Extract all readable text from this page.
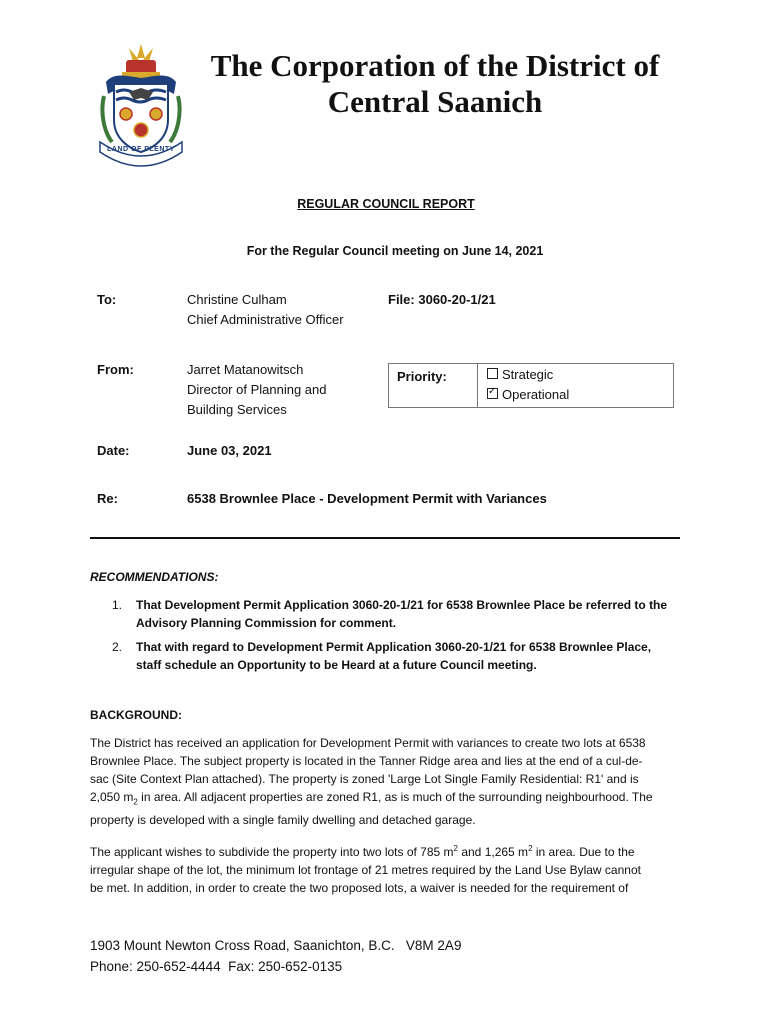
LAND OF PLENTY
The Corporation of the District of
Central Saanich
REGULAR COUNCIL REPORT
For the Regular Council meeting on June 14, 2021
To:	Christine Culham
Chief Administrative Officer
File: 3060-20-1/21
From:	Jarret Matanowitsch
Director of Planning and
Building Services
Priority:	Strategic
✓Operational
Date:	June 03, 2021
Re:	6538 Brownlee Place - Development Permit with Variances
RECOMMENDATIONS:
1. That Development Permit Application 3060-20-1/21 for 6538 Brownlee Place be referred to the
Advisory Planning Commission for comment.
2. That with regard to Development Permit Application 3060-20-1/21 for 6538 Brownlee Place,
staff schedule an Opportunity to be Heard at a future Council meeting.
BACKGROUND:
The District has received an application for Development Permit with variances to create two lots at 6538
Brownlee Place. The subject property is located in the Tanner Ridge area and lies at the end of a cul-de-
sac (Site Context Plan attached). The property is zoned 'Large Lot Single Family Residential: R1' and is
2,050 $m_2$ in area. All adjacent properties are zoned R1, as is much of the surrounding neighbourhood. The
property is developed with a single family dwelling and detached garage.
The applicant wishes to subdivide the property into two lots of 785 $m^2$ and 1,265 $m^2$ in area. Due to the
irregular shape of the lot, the minimum lot frontage of 21 metres required by the Land Use Bylaw cannot
be met. In addition, in order to create the two proposed lots, a waiver is needed for the requirement of
1903 Mount Newton Cross Road, Saanichton, B.C.   V8M 2A9
Phone: 250-652-4444  Fax: 250-652-0135
